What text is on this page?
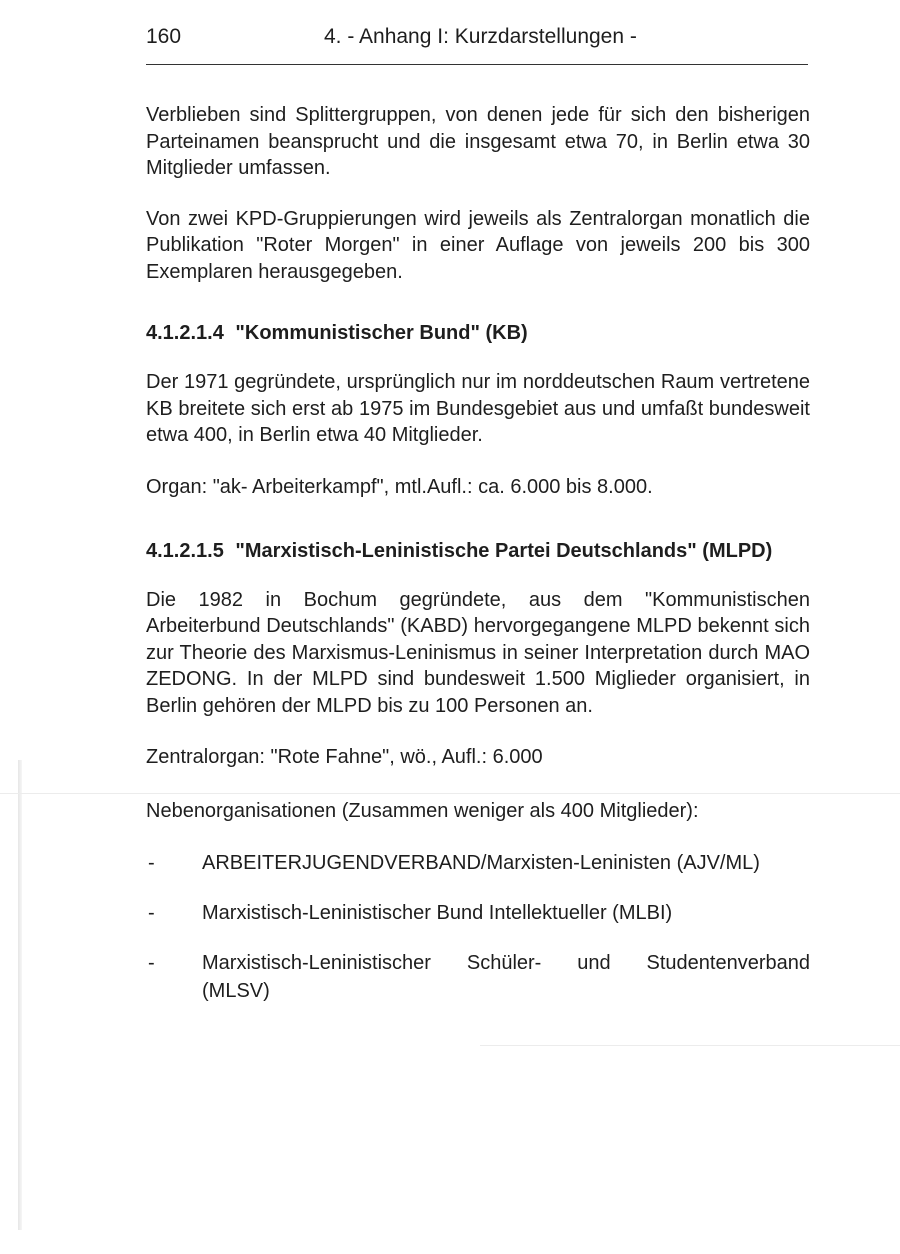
160	4. - Anhang I: Kurzdarstellungen -

Verblieben sind Splittergruppen, von denen jede für sich den bisherigen Parteinamen beansprucht und die insgesamt etwa 70, in Berlin etwa 30 Mitglieder umfassen.

Von zwei KPD-Gruppierungen wird jeweils als Zentralorgan monatlich die Publikation "Roter Morgen" in einer Auflage von jeweils 200 bis 300 Exemplaren herausgegeben.

4.1.2.1.4 "Kommunistischer Bund" (KB)

Der 1971 gegründete, ursprünglich nur im norddeutschen Raum vertretene KB breitete sich erst ab 1975 im Bundesgebiet aus und umfaßt bundesweit etwa 400, in Berlin etwa 40 Mitglieder.

Organ: "ak- Arbeiterkampf", mtl.Aufl.: ca. 6.000 bis 8.000.

4.1.2.1.5 "Marxistisch-Leninistische Partei Deutschlands" (MLPD)

Die 1982 in Bochum gegründete, aus dem "Kommunistischen Arbeiterbund Deutschlands" (KABD) hervorgegangene MLPD bekennt sich zur Theorie des Marxismus-Leninismus in seiner Interpretation durch MAO ZEDONG. In der MLPD sind bundesweit 1.500 Miglieder organisiert, in Berlin gehören der MLPD bis zu 100 Personen an.

Zentralorgan: "Rote Fahne", wö., Aufl.: 6.000

Nebenorganisationen (Zusammen weniger als 400 Mitglieder):

- ARBEITERJUGENDVERBAND/Marxisten-Leninisten (AJV/ML)

- Marxistisch-Leninistischer Bund Intellektueller (MLBI)

- Marxistisch-Leninistischer Schüler- und Studentenverband
(MLSV)
